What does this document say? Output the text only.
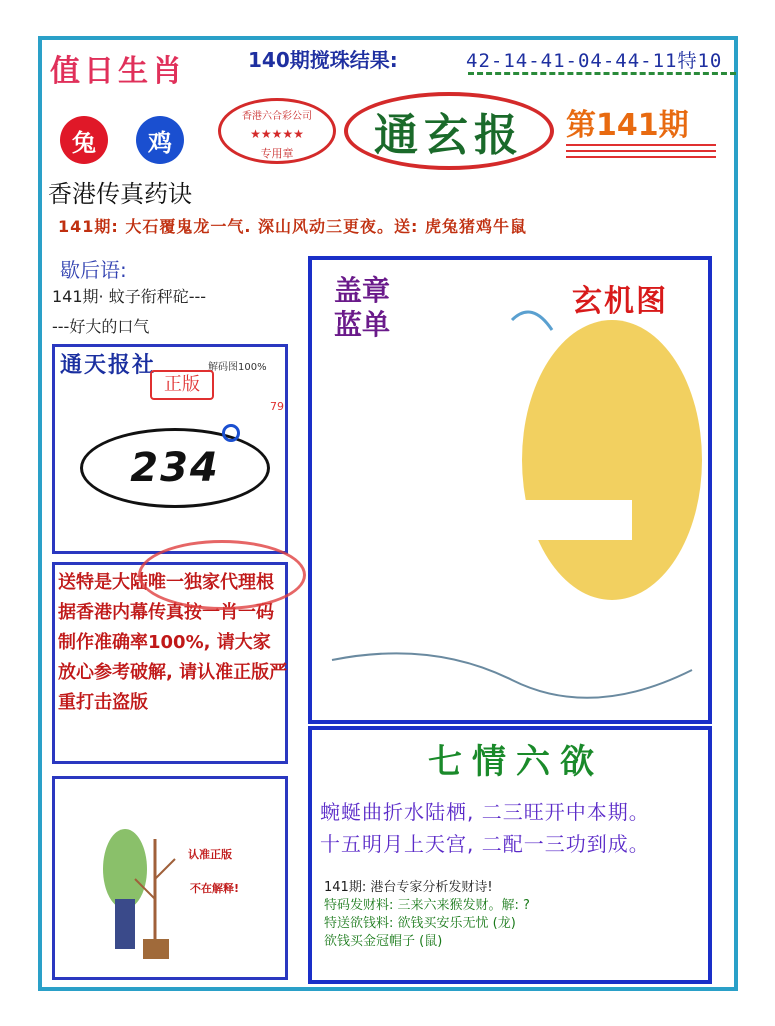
值日生肖	140期搅珠结果:	42-14-41-04-44-11特10
兔	鸡
香港六合彩公司
★★★★★
专用章	通玄报 第141期
香港传真药诀
141期: 大石覆鬼龙一气. 深山风动三更夜。送: 虎兔猪鸡牛鼠
歇后语:
141期· 蚊子衔秤砣---
---好大的口气
通天报社	解码图100%
正版
79
234
送特是大陆唯一独家代理根据香港内幕传真按一肖一码制作准确率100%, 请大家放心参考破解, 请认准正版严重打击盗版
认准正版
不在解释!
盖章
蓝单
玄机图
七情六欲
蜿蜒曲折水陆栖, 二三旺开中本期。
十五明月上天宫, 二配一三功到成。
141期: 港台专家分析发财诗!
特码发财料: 三来六来猴发财。解: ?
特送欲钱料: 欲钱买安乐无忧 (龙)
欲钱买金冠帽子 (鼠)
